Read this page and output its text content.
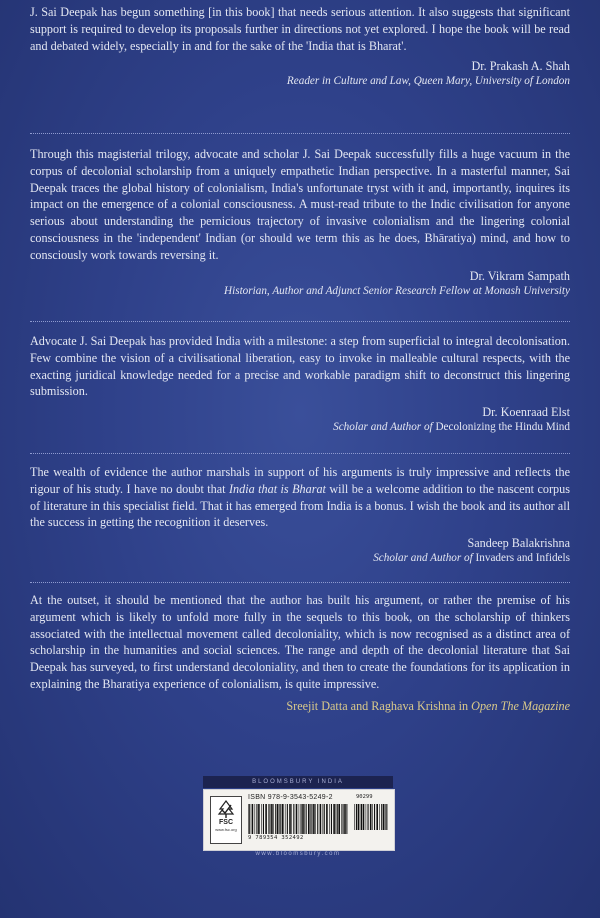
J. Sai Deepak has begun something [in this book] that needs serious attention. It also suggests that significant support is required to develop its proposals further in directions not yet explored. I hope the book will be read and debated widely, especially in and for the sake of the 'India that is Bharat'.

Dr. Prakash A. Shah
Reader in Culture and Law, Queen Mary, University of London

Through this magisterial trilogy, advocate and scholar J. Sai Deepak successfully fills a huge vacuum in the corpus of decolonial scholarship from a uniquely empathetic Indian perspective. In a masterful manner, Sai Deepak traces the global history of colonialism, India's unfortunate tryst with it and, importantly, inquires its impact on the emergence of a colonial consciousness. A must-read tribute to the Indic civilisation for anyone serious about understanding the pernicious trajectory of invasive colonialism and the lingering colonial consciousness in the 'independent' Indian (or should we term this as he does, Bhāratiya) mind, and how to consciously work towards reversing it.

Dr. Vikram Sampath
Historian, Author and Adjunct Senior Research Fellow at Monash University

Advocate J. Sai Deepak has provided India with a milestone: a step from superficial to integral decolonisation. Few combine the vision of a civilisational liberation, easy to invoke in malleable cultural respects, with the exacting juridical knowledge needed for a precise and workable paradigm shift to deconstruct this lingering submission.

Dr. Koenraad Elst
Scholar and Author of Decolonizing the Hindu Mind

The wealth of evidence the author marshals in support of his arguments is truly impressive and reflects the rigour of his study. I have no doubt that India that is Bharat will be a welcome addition to the nascent corpus of literature in this specialist field. That it has emerged from India is a bonus. I wish the book and its author all the success in getting the recognition it deserves.

Sandeep Balakrishna
Scholar and Author of Invaders and Infidels

At the outset, it should be mentioned that the author has built his argument, or rather the premise of his argument which is likely to unfold more fully in the sequels to this book, on the scholarship of thinkers associated with the intellectual movement called decoloniality, which is now recognised as a distinct area of scholarship in the humanities and social sciences. The range and depth of the decolonial literature that Sai Deepak has surveyed, to first understand decoloniality, and then to create the foundations for its application in explaining the Bharatiya experience of colonialism, is quite impressive.

Sreejit Datta and Raghava Krishna in Open The Magazine
BLOOMSBURY INDIA
FSC
www.fsc.org
ISBN 978-9-3543-5249-2
9 789354 352492
90299
www.bloomsbury.com
